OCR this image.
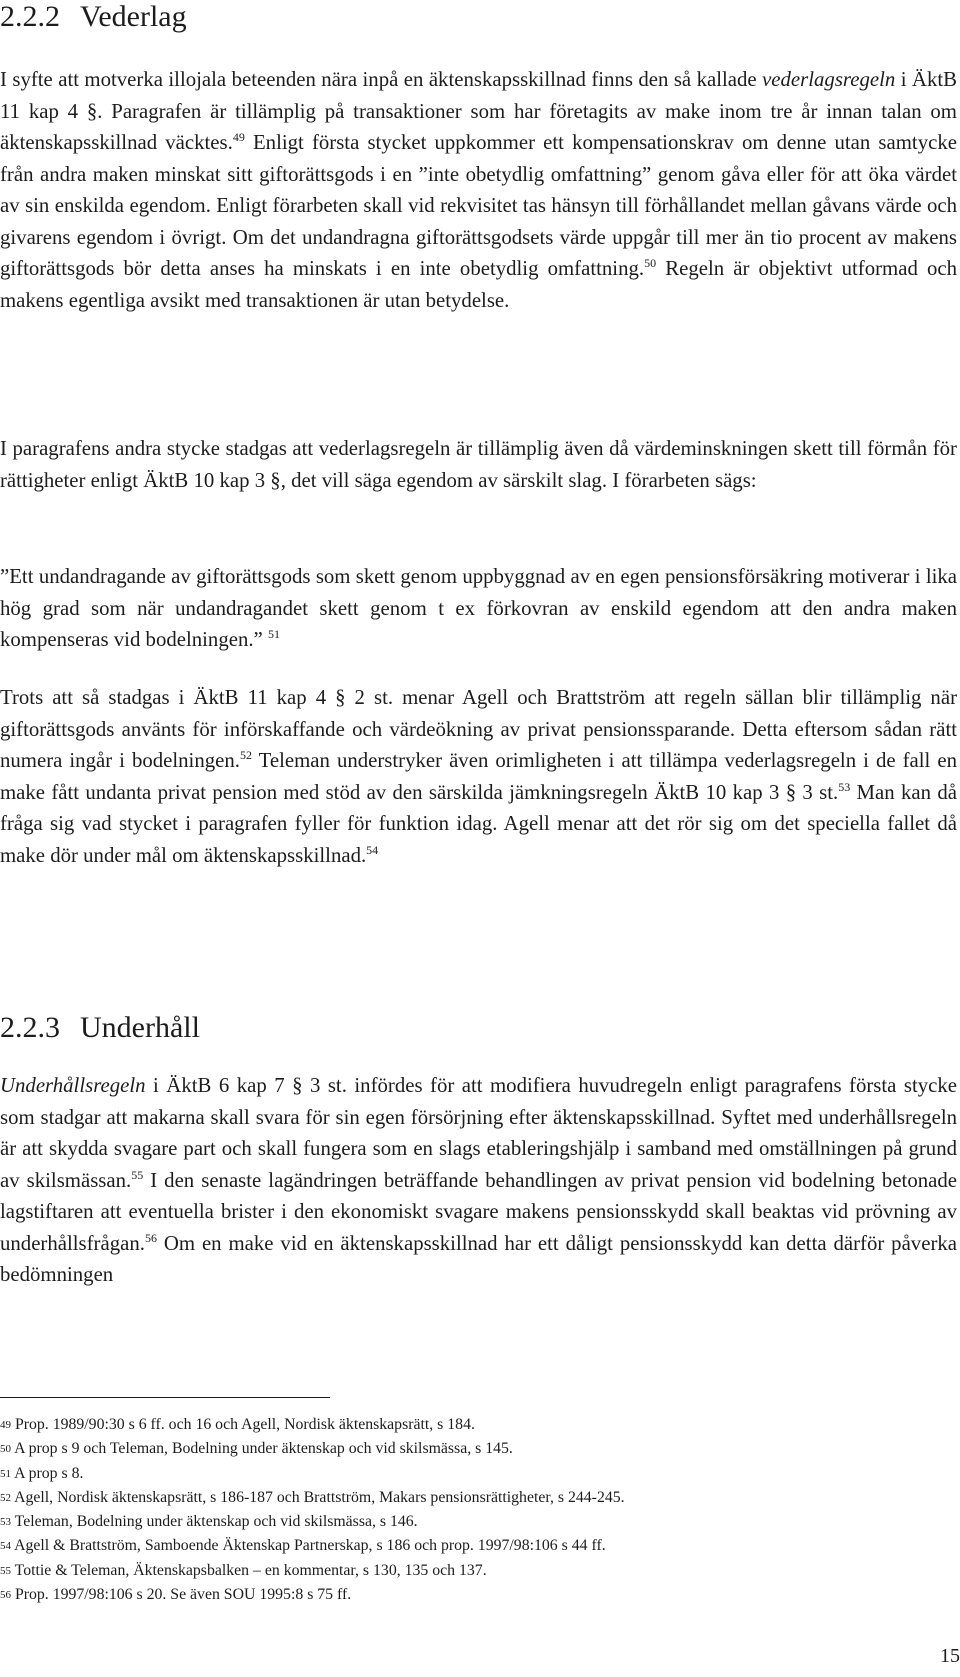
2.2.2 Vederlag

I syfte att motverka illojala beteenden nära inpå en äktenskapsskillnad finns den så kallade vederlagsregeln i ÄktB 11 kap 4 §. Paragrafen är tillämplig på transaktioner som har företagits av make inom tre år innan talan om äktenskapsskillnad väcktes.$^{49}$ Enligt första stycket uppkommer ett kompensationskrav om denne utan samtycke från andra maken minskat sitt giftorättsgods i en ”inte obetydlig omfattning” genom gåva eller för att öka värdet av sin enskilda egendom. Enligt förarbeten skall vid rekvisitet tas hänsyn till förhållandet mellan gåvans värde och givarens egendom i övrigt. Om det undandragna giftorättsgodsets värde uppgår till mer än tio procent av makens giftorättsgods bör detta anses ha minskats i en inte obetydlig omfattning.$^{50}$ Regeln är objektivt utformad och makens egentliga avsikt med transaktionen är utan betydelse.

I paragrafens andra stycke stadgas att vederlagsregeln är tillämplig även då värdeminskningen skett till förmån för rättigheter enligt ÄktB 10 kap 3 §, det vill säga egendom av särskilt slag. I förarbeten sägs:

”Ett undandragande av giftorättsgods som skett genom uppbyggnad av en egen pensionsförsäkring motiverar i lika hög grad som när undandragandet skett genom t ex förkovran av enskild egendom att den andra maken kompenseras vid bodelningen.” $^{51}$

Trots att så stadgas i ÄktB 11 kap 4 § 2 st. menar Agell och Brattström att regeln sällan blir tillämplig när giftorättsgods använts för införskaffande och värdeökning av privat pensionssparande. Detta eftersom sådan rätt numera ingår i bodelningen.$^{52}$ Teleman understryker även orimligheten i att tillämpa vederlagsregeln i de fall en make fått undanta privat pension med stöd av den särskilda jämkningsregeln ÄktB 10 kap 3 § 3 st.$^{53}$ Man kan då fråga sig vad stycket i paragrafen fyller för funktion idag. Agell menar att det rör sig om det speciella fallet då make dör under mål om äktenskapsskillnad.$^{54}$

2.2.3 Underhåll

Underhållsregeln i ÄktB 6 kap 7 § 3 st. infördes för att modifiera huvudregeln enligt paragrafens första stycke som stadgar att makarna skall svara för sin egen försörjning efter äktenskapsskillnad. Syftet med underhållsregeln är att skydda svagare part och skall fungera som en slags etableringshjälp i samband med omställningen på grund av skilsmässan.$^{55}$ I den senaste lagändringen beträffande behandlingen av privat pension vid bodelning betonade lagstiftaren att eventuella brister i den ekonomiskt svagare makens pensionsskydd skall beaktas vid prövning av underhållsfrågan.$^{56}$ Om en make vid en äktenskapsskillnad har ett dåligt pensionsskydd kan detta därför påverka bedömningen

49 Prop. 1989/90:30 s 6 ff. och 16 och Agell, Nordisk äktenskapsrätt, s 184.
50 A prop s 9 och Teleman, Bodelning under äktenskap och vid skilsmässa, s 145.
51 A prop s 8.
52 Agell, Nordisk äktenskapsrätt, s 186-187 och Brattström, Makars pensionsrättigheter, s 244-245.
53 Teleman, Bodelning under äktenskap och vid skilsmässa, s 146.
54 Agell & Brattström, Samboende Äktenskap Partnerskap, s 186 och prop. 1997/98:106 s 44 ff.
55 Tottie & Teleman, Äktenskapsbalken – en kommentar, s 130, 135 och 137.
56 Prop. 1997/98:106 s 20. Se även SOU 1995:8 s 75 ff.
15
